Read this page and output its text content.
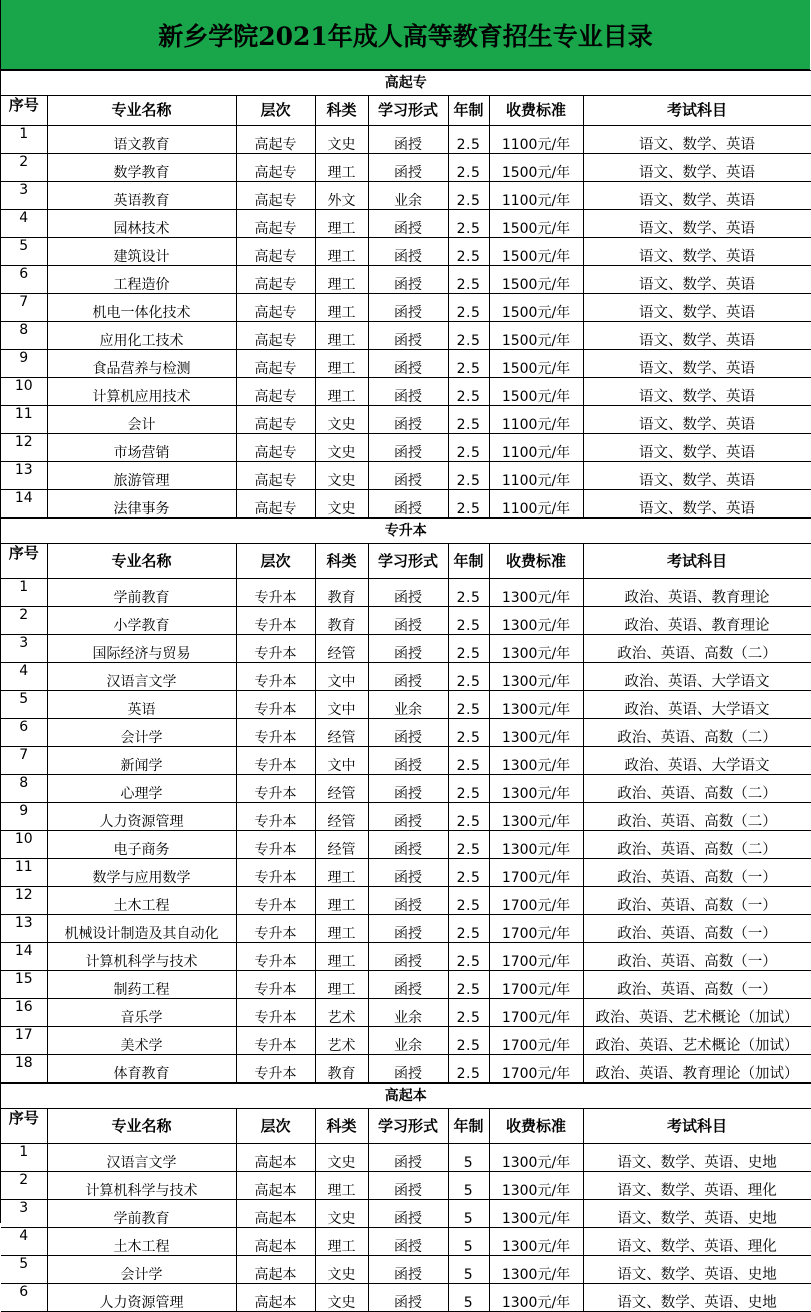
新乡学院2021年成人高等教育招生专业目录
高起专							
序号	专业名称	层次	科类	学习形式	年制	收费标准	考试科目
1	语文教育	高起专	文史	函授	2.5	1100元/年	语文、数学、英语
2	数学教育	高起专	理工	函授	2.5	1500元/年	语文、数学、英语
3	英语教育	高起专	外文	业余	2.5	1100元/年	语文、数学、英语
4	园林技术	高起专	理工	函授	2.5	1500元/年	语文、数学、英语
5	建筑设计	高起专	理工	函授	2.5	1500元/年	语文、数学、英语
6	工程造价	高起专	理工	函授	2.5	1500元/年	语文、数学、英语
7	机电一体化技术	高起专	理工	函授	2.5	1500元/年	语文、数学、英语
8	应用化工技术	高起专	理工	函授	2.5	1500元/年	语文、数学、英语
9	食品营养与检测	高起专	理工	函授	2.5	1500元/年	语文、数学、英语
10	计算机应用技术	高起专	理工	函授	2.5	1500元/年	语文、数学、英语
11	会计	高起专	文史	函授	2.5	1100元/年	语文、数学、英语
12	市场营销	高起专	文史	函授	2.5	1100元/年	语文、数学、英语
13	旅游管理	高起专	文史	函授	2.5	1100元/年	语文、数学、英语
14	法律事务	高起专	文史	函授	2.5	1100元/年	语文、数学、英语
专升本							
序号	专业名称	层次	科类	学习形式	年制	收费标准	考试科目
1	学前教育	专升本	教育	函授	2.5	1300元/年	政治、英语、教育理论
2	小学教育	专升本	教育	函授	2.5	1300元/年	政治、英语、教育理论
3	国际经济与贸易	专升本	经管	函授	2.5	1300元/年	政治、英语、高数（二）
4	汉语言文学	专升本	文中	函授	2.5	1300元/年	政治、英语、大学语文
5	英语	专升本	文中	业余	2.5	1300元/年	政治、英语、大学语文
6	会计学	专升本	经管	函授	2.5	1300元/年	政治、英语、高数（二）
7	新闻学	专升本	文中	函授	2.5	1300元/年	政治、英语、大学语文
8	心理学	专升本	经管	函授	2.5	1300元/年	政治、英语、高数（二）
9	人力资源管理	专升本	经管	函授	2.5	1300元/年	政治、英语、高数（二）
10	电子商务	专升本	经管	函授	2.5	1300元/年	政治、英语、高数（二）
11	数学与应用数学	专升本	理工	函授	2.5	1700元/年	政治、英语、高数（一）
12	土木工程	专升本	理工	函授	2.5	1700元/年	政治、英语、高数（一）
13	机械设计制造及其自动化	专升本	理工	函授	2.5	1700元/年	政治、英语、高数（一）
14	计算机科学与技术	专升本	理工	函授	2.5	1700元/年	政治、英语、高数（一）
15	制药工程	专升本	理工	函授	2.5	1700元/年	政治、英语、高数（一）
16	音乐学	专升本	艺术	业余	2.5	1700元/年	政治、英语、艺术概论（加试）
17	美术学	专升本	艺术	业余	2.5	1700元/年	政治、英语、艺术概论（加试）
18	体育教育	专升本	教育	函授	2.5	1700元/年	政治、英语、教育理论（加试）
高起本							
序号	专业名称	层次	科类	学习形式	年制	收费标准	考试科目
1	汉语言文学	高起本	文史	函授	5	1300元/年	语文、数学、英语、史地
2	计算机科学与技术	高起本	理工	函授	5	1300元/年	语文、数学、英语、理化
3	学前教育	高起本	文史	函授	5	1300元/年	语文、数学、英语、史地
4	土木工程	高起本	理工	函授	5	1300元/年	语文、数学、英语、理化
5	会计学	高起本	文史	函授	5	1300元/年	语文、数学、英语、史地
6	人力资源管理	高起本	文史	函授	5	1300元/年	语文、数学、英语、史地
